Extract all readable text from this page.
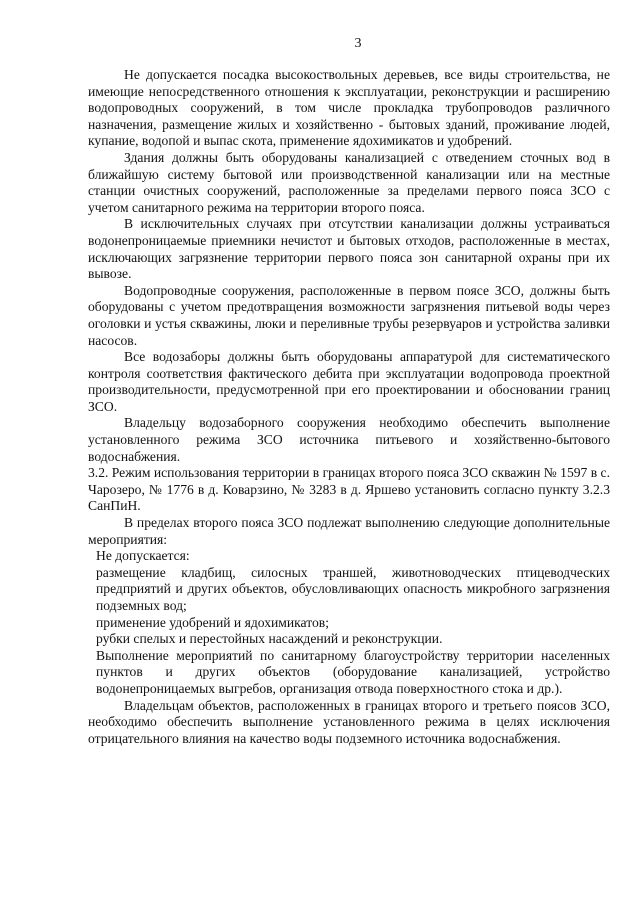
3

Не допускается посадка высокоствольных деревьев, все виды строительства, не имеющие непосредственного отношения к эксплуатации, реконструкции и расширению водопроводных сооружений, в том числе прокладка трубопроводов различного назначения, размещение жилых и хозяйственно - бытовых зданий, проживание людей, купание, водопой и выпас скота, применение ядохимикатов и удобрений.

Здания должны быть оборудованы канализацией с отведением сточных вод в ближайшую систему бытовой или производственной канализации или на местные станции очистных сооружений, расположенные за пределами первого пояса ЗСО с учетом санитарного режима на территории второго пояса.

В исключительных случаях при отсутствии канализации должны устраиваться водонепроницаемые приемники нечистот и бытовых отходов, расположенные в местах, исключающих загрязнение территории первого пояса зон санитарной охраны при их вывозе.

Водопроводные сооружения, расположенные в первом поясе ЗСО, должны быть оборудованы с учетом предотвращения возможности загрязнения питьевой воды через оголовки и устья скважины, люки и переливные трубы резервуаров и устройства заливки насосов.

Все водозаборы должны быть оборудованы аппаратурой для систематического контроля соответствия фактического дебита при эксплуатации водопровода проектной производительности, предусмотренной при его проектировании и обосновании границ ЗСО.

Владельцу водозаборного сооружения необходимо обеспечить выполнение установленного режима ЗСО источника питьевого и хозяйственно-бытового водоснабжения.

3.2. Режим использования территории в границах второго пояса ЗСО скважин № 1597 в с. Чарозеро, № 1776 в д. Коварзино, № 3283 в д. Яршево установить согласно пункту 3.2.3 СанПиН.

В пределах второго пояса ЗСО подлежат выполнению следующие дополнительные мероприятия:

Не допускается:

размещение кладбищ, силосных траншей, животноводческих птицеводческих предприятий и других объектов, обусловливающих опасность микробного загрязнения подземных вод;

применение удобрений и ядохимикатов;

рубки спелых и перестойных насаждений и реконструкции.

Выполнение мероприятий по санитарному благоустройству территории населенных пунктов и других объектов (оборудование канализацией, устройство водонепроницаемых выгребов, организация отвода поверхностного стока и др.).

Владельцам объектов, расположенных в границах второго и третьего поясов ЗСО, необходимо обеспечить выполнение установленного режима в целях исключения отрицательного влияния на качество воды подземного источника водоснабжения.
